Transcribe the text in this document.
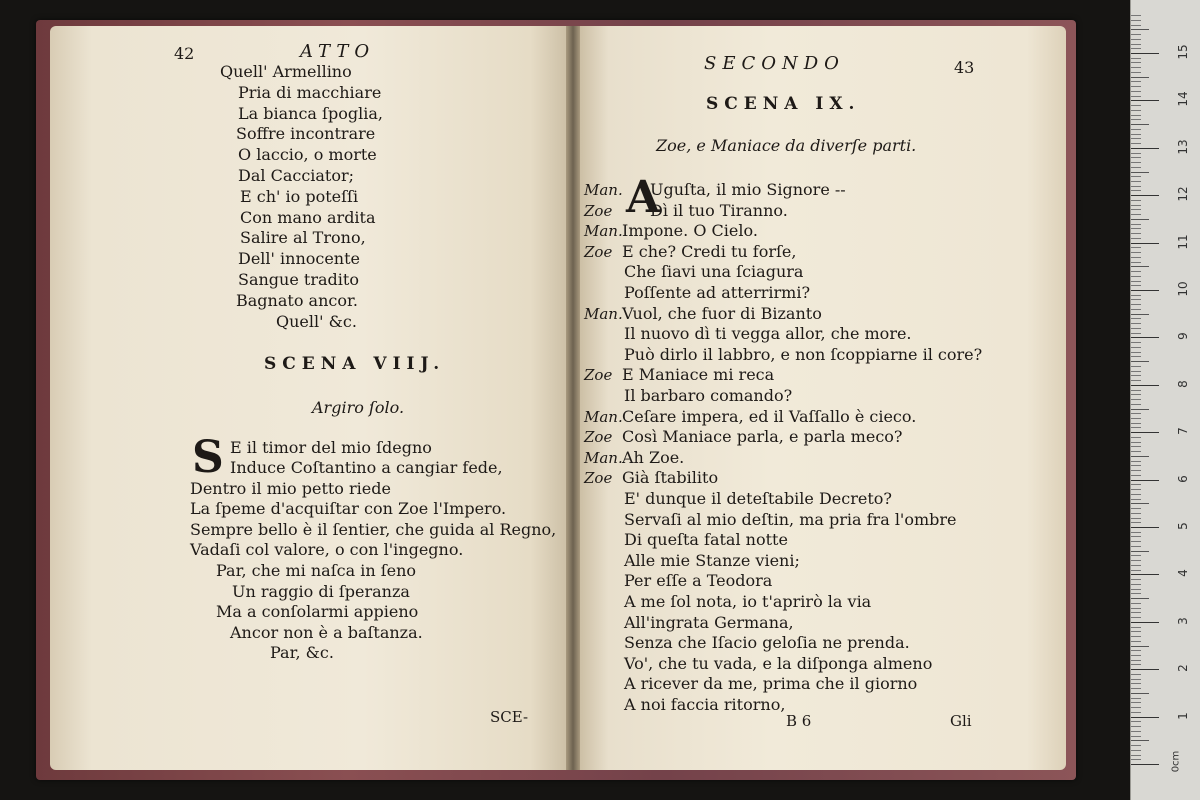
42	ATTO
Quell' Armellino
Pria di macchiare
La bianca ſpoglia,
Soffre incontrare
O laccio, o morte
Dal Cacciator;
E ch' io poteſſi
Con mano ardita
Salire al Trono,
Dell' innocente
Sangue tradito
Bagnato ancor.
Quell' &c.
SCENA VIIJ.
Argiro ſolo.
S E il timor del mio ſdegno
Induce Coſtantino a cangiar fede,
Dentro il mio petto riede
La ſpeme d'acquiſtar con Zoe l'Impero.
Sempre bello è il ſentier, che guida al Regno,
Vadaſi col valore, o con l'ingegno.
Par, che mi naſca in ſeno
Un raggio di ſperanza
Ma a conſolarmi appieno
Ancor non è a baſtanza.
Par, &c.
SCE-
SECONDO	43
SCENA IX.
Zoe, e Maniace da diverſe parti.
A
Man. Uguſta, il mio Signore --
Zoe Dì il tuo Tiranno.
Man. Impone. O Cielo.
Zoe E che? Credi tu forſe,
Che ſiavi una ſciagura
Poſſente ad atterrirmi?
Man. Vuol, che fuor di Bizanto
Il nuovo dì ti vegga allor, che more.
Può dirlo il labbro, e non ſcoppiarne il core?
Zoe E Maniace mi reca
Il barbaro comando?
Man. Ceſare impera, ed il Vaſſallo è cieco.
Zoe Così Maniace parla, e parla meco?
Man. Ah Zoe.
Zoe Già ſtabilito
E' dunque il deteſtabile Decreto?
Servaſi al mio deſtin, ma pria fra l'ombre
Di queſta fatal notte
Alle mie Stanze vieni;
Per eſſe a Teodora
A me ſol nota, io t'aprirò la via
All'ingrata Germana,
Senza che Iſacio geloſia ne prenda.
Vo', che tu vada, e la diſponga almeno
A ricever da me, prima che il giorno
A noi faccia ritorno,
B 6	Gli	1
2
3
4
5
6
7
8
9
10
11
12
13
14
15
0cm
